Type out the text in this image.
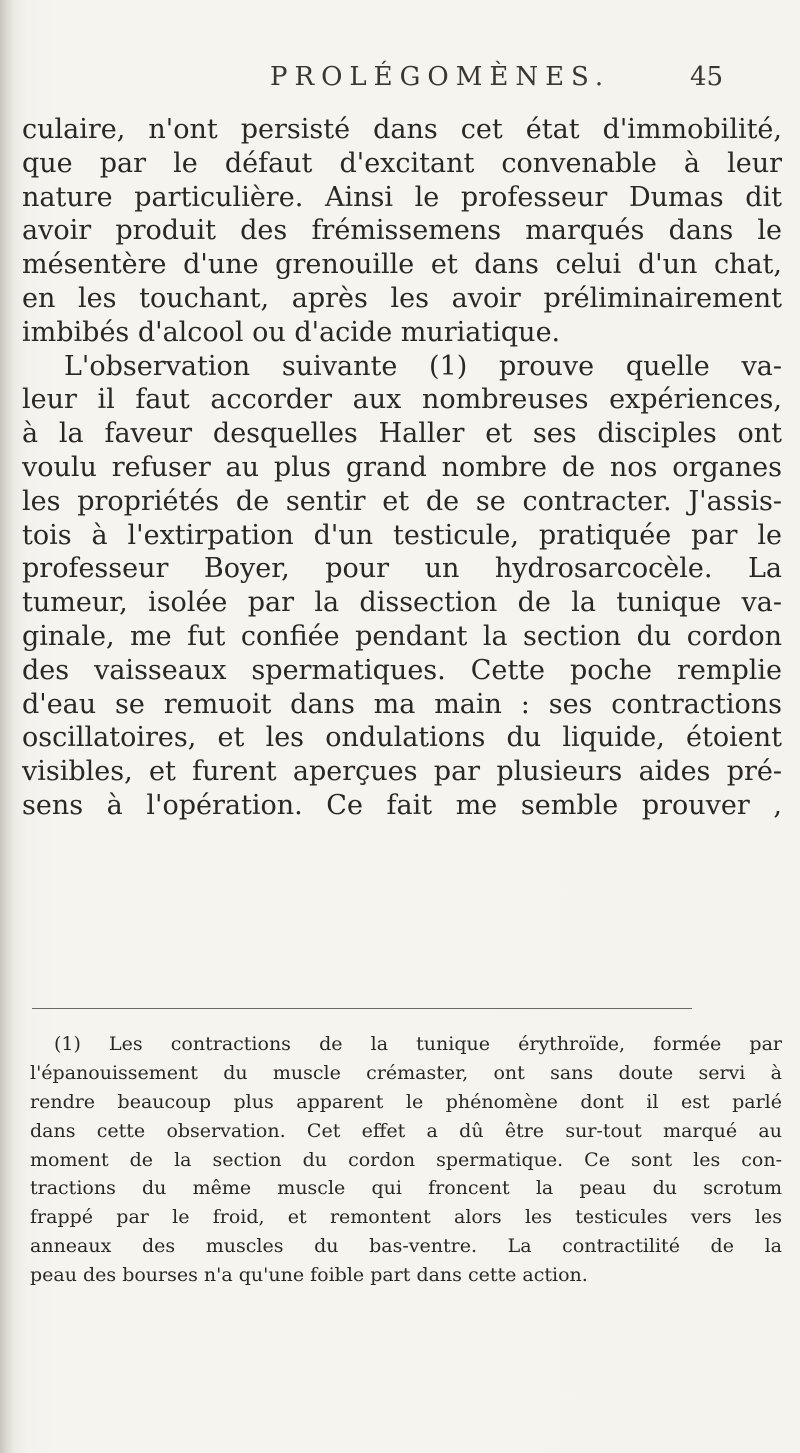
PROLÉGOMÈNES.	45
culaire, n'ont persisté dans cet état d'immobilité,
que par le défaut d'excitant convenable à leur
nature particulière. Ainsi le professeur Dumas dit
avoir produit des frémissemens marqués dans le
mésentère d'une grenouille et dans celui d'un chat,
en les touchant, après les avoir préliminairement
imbibés d'alcool ou d'acide muriatique.
L'observation suivante (1) prouve quelle va-
leur il faut accorder aux nombreuses expériences,
à la faveur desquelles Haller et ses disciples ont
voulu refuser au plus grand nombre de nos organes
les propriétés de sentir et de se contracter. J'assis-
tois à l'extirpation d'un testicule, pratiquée par le
professeur Boyer, pour un hydrosarcocèle. La
tumeur, isolée par la dissection de la tunique va-
ginale, me fut confiée pendant la section du cordon
des vaisseaux spermatiques. Cette poche remplie
d'eau se remuoit dans ma main : ses contractions
oscillatoires, et les ondulations du liquide, étoient
visibles, et furent aperçues par plusieurs aides pré-
sens à l'opération. Ce fait me semble prouver ,
(1) Les contractions de la tunique érythroïde, formée par
l'épanouissement du muscle crémaster, ont sans doute servi à
rendre beaucoup plus apparent le phénomène dont il est parlé
dans cette observation. Cet effet a dû être sur-tout marqué au
moment de la section du cordon spermatique. Ce sont les con-
tractions du même muscle qui froncent la peau du scrotum
frappé par le froid, et remontent alors les testicules vers les
anneaux des muscles du bas-ventre. La contractilité de la
peau des bourses n'a qu'une foible part dans cette action.
